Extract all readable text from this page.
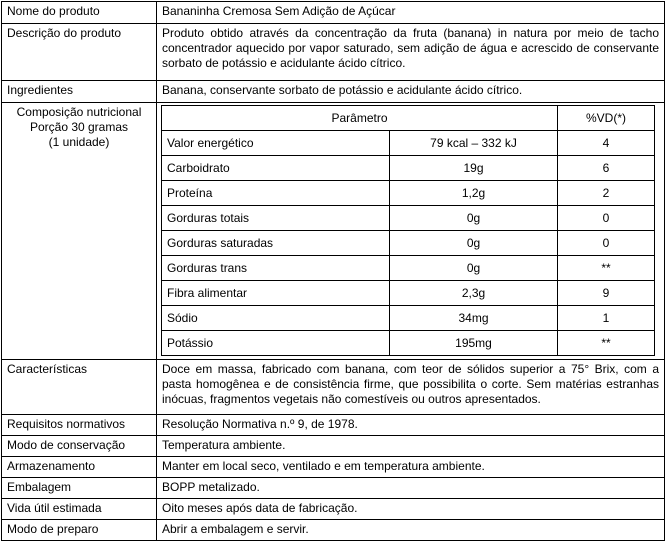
Nome do produto	Bananinha Cremosa Sem Adição de Açúcar
Descrição do produto	Produto obtido através da concentração da fruta (banana) in natura por meio de tacho concentrador aquecido por vapor saturado, sem adição de água e acrescido de conservante sorbato de potássio e acidulante ácido cítrico.
Ingredientes	Banana, conservante sorbato de potássio e acidulante ácido cítrico.

Composição nutricional
Porção 30 gramas
(1 unidade)

Parâmetro	%VD(*)
Valor energético	79 kcal – 332 kJ	4
Carboidrato	19g	6
Proteína	1,2g	2
Gorduras totais	0g	0
Gorduras saturadas	0g	0
Gorduras trans	0g	**
Fibra alimentar	2,3g	9
Sódio	34mg	1
Potássio	195mg	**

Características	Doce em massa, fabricado com banana, com teor de sólidos superior a 75° Brix, com a pasta homogênea e de consistência firme, que possibilita o corte. Sem matérias estranhas inócuas, fragmentos vegetais não comestíveis ou outros apresentados.
Requisitos normativos	Resolução Normativa n.º 9, de 1978.
Modo de conservação	Temperatura ambiente.
Armazenamento	Manter em local seco, ventilado e em temperatura ambiente.
Embalagem	BOPP metalizado.
Vida útil estimada	Oito meses após data de fabricação.
Modo de preparo	Abrir a embalagem e servir.
